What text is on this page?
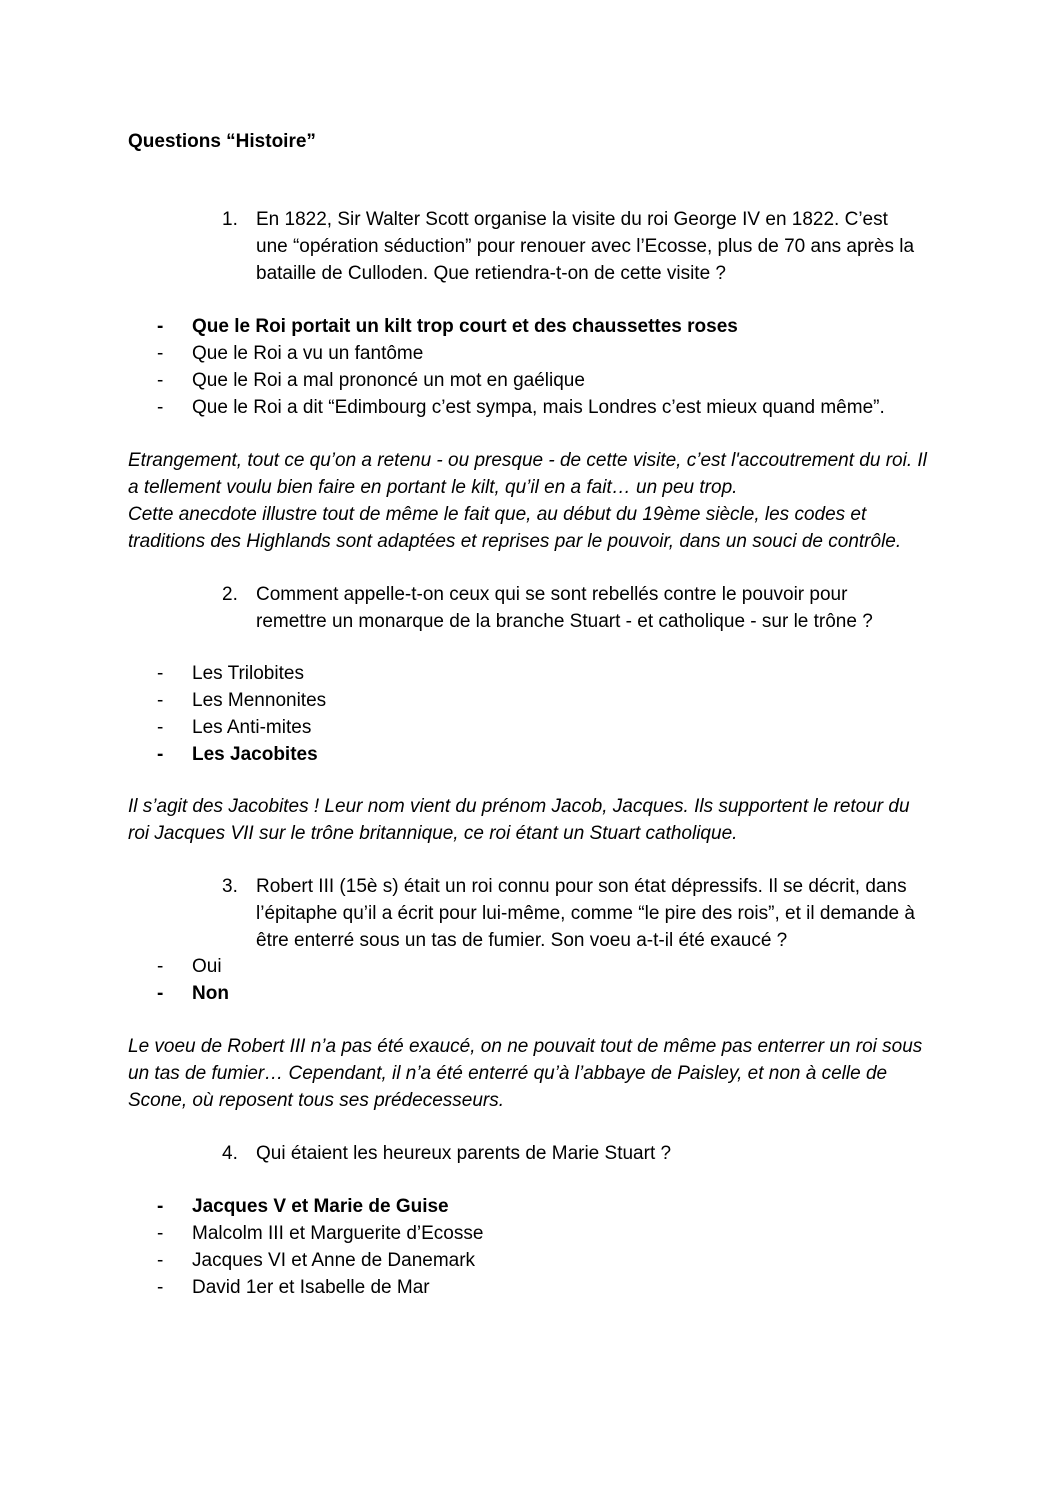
Questions “Histoire”
1. En 1822, Sir Walter Scott organise la visite du roi George IV en 1822. C’est une “opération séduction” pour renouer avec l’Ecosse, plus de 70 ans après la bataille de Culloden. Que retiendra-t-on de cette visite ?
-	Que le Roi portait un kilt trop court et des chaussettes roses
-	Que le Roi a vu un fantôme
-	Que le Roi a mal prononcé un mot en gaélique
-	Que le Roi a dit “Edimbourg c’est sympa, mais Londres c’est mieux quand même”.

Etrangement, tout ce qu’on a retenu - ou presque - de cette visite, c’est l'accoutrement du roi. Il a tellement voulu bien faire en portant le kilt, qu’il en a fait… un peu trop.

Cette anecdote illustre tout de même le fait que, au début du 19ème siècle, les codes et traditions des Highlands sont adaptées et reprises par le pouvoir, dans un souci de contrôle.

2. Comment appelle-t-on ceux qui se sont rebellés contre le pouvoir pour remettre un monarque de la branche Stuart - et catholique - sur le trône ?
-	Les Trilobites
-	Les Mennonites
-	Les Anti-mites
-	Les Jacobites

Il s’agit des Jacobites ! Leur nom vient du prénom Jacob, Jacques. Ils supportent le retour du roi Jacques VII sur le trône britannique, ce roi étant un Stuart catholique.

3. Robert III (15è s) était un roi connu pour son état dépressifs. Il se décrit, dans l’épitaphe qu’il a écrit pour lui-même, comme “le pire des rois”, et il demande à être enterré sous un tas de fumier. Son voeu a-t-il été exaucé ?
-	Oui
-	Non

Le voeu de Robert III n’a pas été exaucé, on ne pouvait tout de même pas enterrer un roi sous un tas de fumier… Cependant, il n’a été enterré qu’à l’abbaye de Paisley, et non à celle de Scone, où reposent tous ses prédecesseurs.

4. Qui étaient les heureux parents de Marie Stuart ?
-	Jacques V et Marie de Guise
-	Malcolm III et Marguerite d’Ecosse
-	Jacques VI et Anne de Danemark
-	David 1er et Isabelle de Mar
